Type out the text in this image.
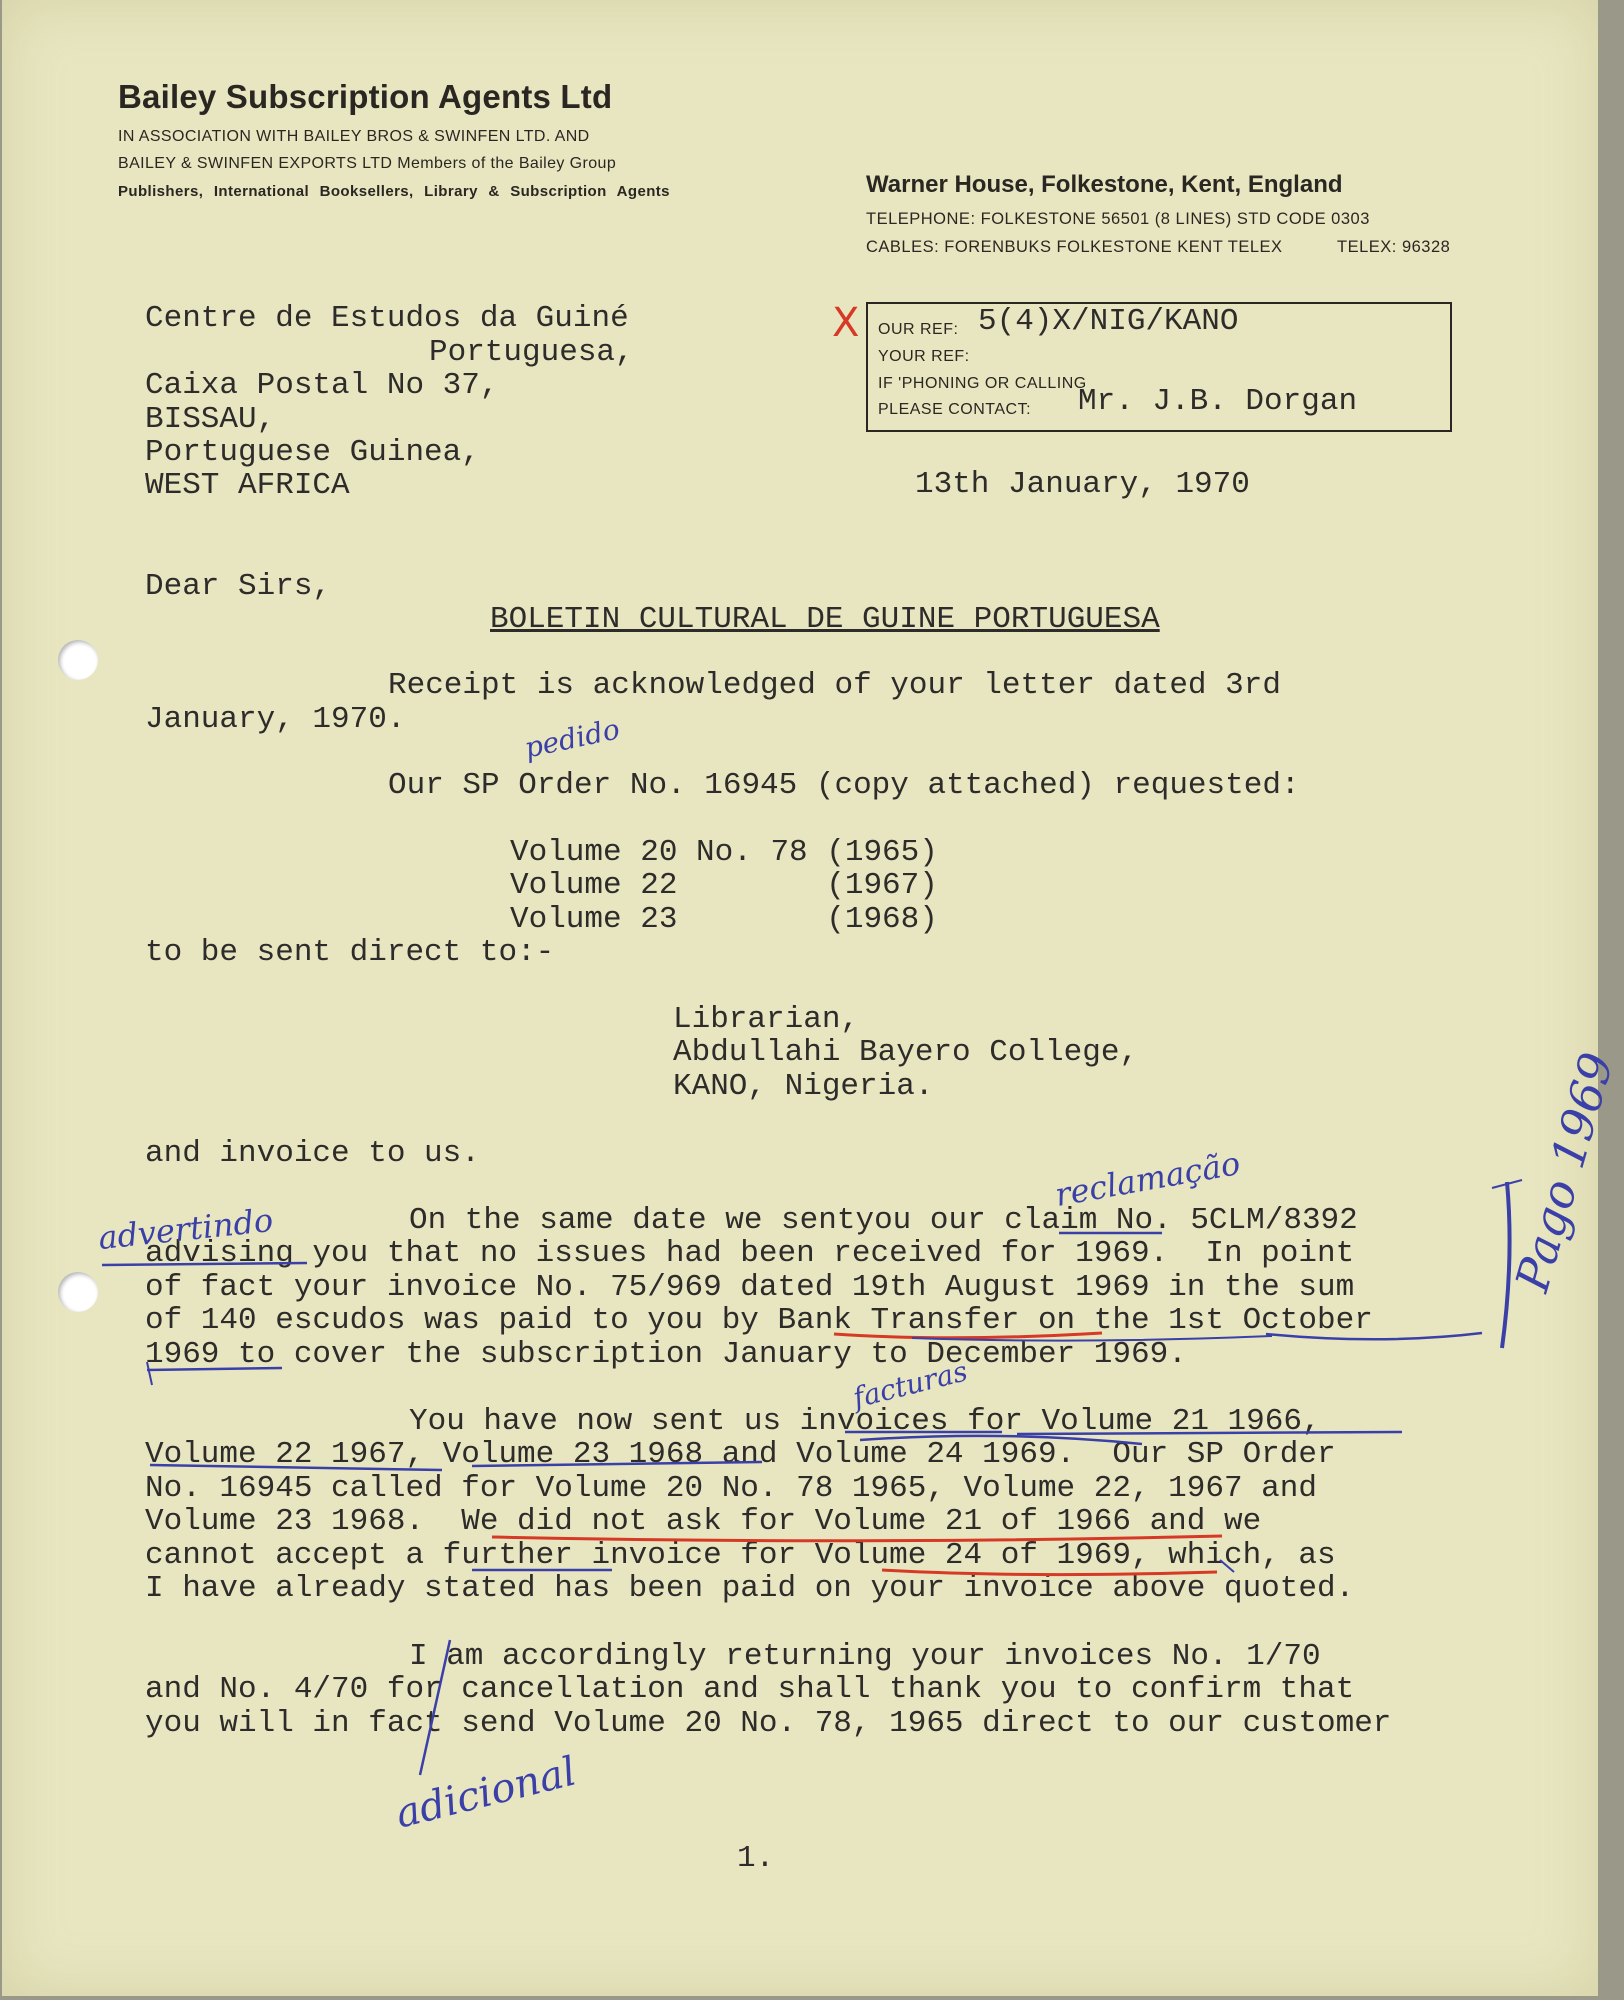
Bailey Subscription Agents Ltd
IN ASSOCIATION WITH BAILEY BROS & SWINFEN LTD. AND
BAILEY & SWINFEN EXPORTS LTD Members of the Bailey Group
Publishers, International Booksellers, Library & Subscription Agents	Warner House, Folkestone, Kent, England
TELEPHONE: FOLKESTONE 56501 (8 LINES) STD CODE 0303
CABLES: FORENBUKS FOLKESTONE KENT TELEX	TELEX: 96328
Centre de Estudos da Guiné
Portuguesa,
Caixa Postal No 37,
BISSAU,
Portuguese Guinea,
WEST AFRICA
X OUR REF: 5(4)X/NIG/KANO
YOUR REF:
IF 'PHONING OR CALLING
PLEASE CONTACT: Mr. J.B. Dorgan
13th January, 1970
Dear Sirs,
BOLETIN CULTURAL DE GUINE PORTUGUESA
Receipt is acknowledged of your letter dated 3rd
January, 1970.
Our SP Order No. 16945 (copy attached) requested:
Volume 20 No. 78 (1965)
Volume 22        (1967)
Volume 23        (1968)
to be sent direct to:-
Librarian,
Abdullahi Bayero College,
KANO, Nigeria.
and invoice to us.
On the same date we sentyou our claim No. 5CLM/8392
advising you that no issues had been received for 1969.  In point
of fact your invoice No. 75/969 dated 19th August 1969 in the sum
of 140 escudos was paid to you by Bank Transfer on the 1st October
1969 to cover the subscription January to December 1969.
You have now sent us invoices for Volume 21 1966,
Volume 22 1967, Volume 23 1968 and Volume 24 1969.  Our SP Order
No. 16945 called for Volume 20 No. 78 1965, Volume 22, 1967 and
Volume 23 1968.  We did not ask for Volume 21 of 1966 and we
cannot accept a further invoice for Volume 24 of 1969, which, as
I have already stated has been paid on your invoice above quoted.
I am accordingly returning your invoices No. 1/70
and No. 4/70 for cancellation and shall thank you to confirm that
you will in fact send Volume 20 No. 78, 1965 direct to our customer
1.
pedido
reclamação
advertindo
facturas
adicional
Pago 1969
